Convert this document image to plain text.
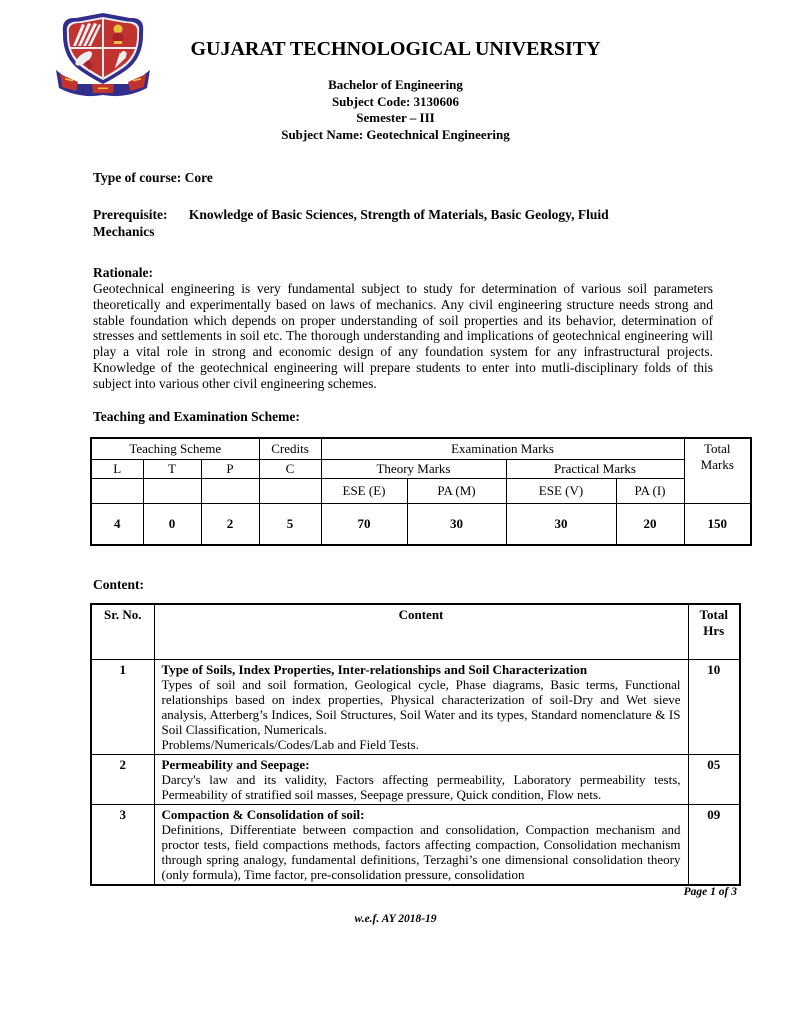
GUJARAT TECHNOLOGICAL UNIVERSITY
Bachelor of Engineering
Subject Code: 3130606
Semester – III
Subject Name: Geotechnical Engineering

Type of course: Core

Prerequisite: Knowledge of Basic Sciences, Strength of Materials, Basic Geology, Fluid Mechanics

Rationale:

Geotechnical engineering is very fundamental subject to study for determination of various soil parameters theoretically and experimentally based on laws of mechanics. Any civil engineering structure needs strong and stable foundation which depends on proper understanding of soil properties and its behavior, determination of stresses and settlements in soil etc. The thorough understanding and implications of geotechnical engineering will play a vital role in strong and economic design of any foundation system for any infrastructural projects. Knowledge of the geotechnical engineering will prepare students to enter into mutli-disciplinary folds of this subject into various other civil engineering schemes.

Teaching and Examination Scheme:

Teaching Scheme			Credits	Examination Marks				Total Marks
L	T	P	C	Theory Marks		Practical Marks		
				ESE (E)	PA (M)	ESE (V)	PA (I)	
4	0	2	5	70	30	30	20	150

Content:

Sr. No.	Content	Total Hrs
1	Type of Soils, Index Properties, Inter-relationships and Soil Characterization
Types of soil and soil formation, Geological cycle, Phase diagrams, Basic terms, Functional relationships based on index properties, Physical characterization of soil-Dry and Wet sieve analysis, Atterberg’s Indices, Soil Structures, Soil Water and its types, Standard nomenclature & IS Soil Classification, Numericals.
Problems/Numericals/Codes/Lab and Field Tests.	10
2	Permeability and Seepage:
Darcy's law and its validity, Factors affecting permeability, Laboratory permeability tests, Permeability of stratified soil masses, Seepage pressure, Quick condition, Flow nets.	05
3	Compaction & Consolidation of soil:
Definitions, Differentiate between compaction and consolidation, Compaction mechanism and proctor tests, field compactions methods, factors affecting compaction, Consolidation mechanism through spring analogy, fundamental definitions, Terzaghi’s one dimensional consolidation theory (only formula), Time factor, pre-consolidation pressure, consolidation	09
Page 1 of 3
w.e.f. AY 2018-19
